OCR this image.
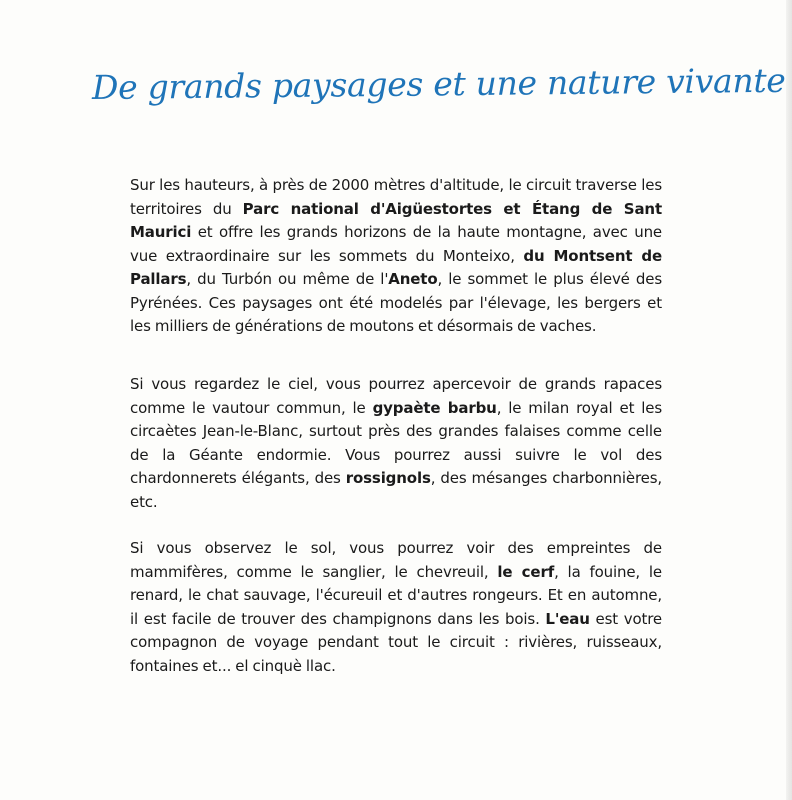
De grands paysages et une nature vivante

Sur les hauteurs, à près de 2000 mètres d'altitude, le circuit traverse les territoires du Parc national d'Aigüestortes et Étang de Sant Maurici et offre les grands horizons de la haute montagne, avec une vue extraordinaire sur les sommets du Monteixo, du Montsent de Pallars, du Turbón ou même de l'Aneto, le sommet le plus élevé des Pyrénées. Ces paysages ont été modelés par l'élevage, les bergers et les milliers de générations de moutons et désormais de vaches.

Si vous regardez le ciel, vous pourrez apercevoir de grands rapaces comme le vautour commun, le gypaète barbu, le milan royal et les circaètes Jean-le-Blanc, surtout près des grandes falaises comme celle de la Géante endormie. Vous pourrez aussi suivre le vol des chardonnerets élégants, des rossignols, des mésanges charbonnières, etc.

Si vous observez le sol, vous pourrez voir des empreintes de mammifères, comme le sanglier, le chevreuil, le cerf, la fouine, le renard, le chat sauvage, l'écureuil et d'autres rongeurs. Et en automne, il est facile de trouver des champignons dans les bois. L'eau est votre compagnon de voyage pendant tout le circuit : rivières, ruisseaux, fontaines et... el cinquè llac.
